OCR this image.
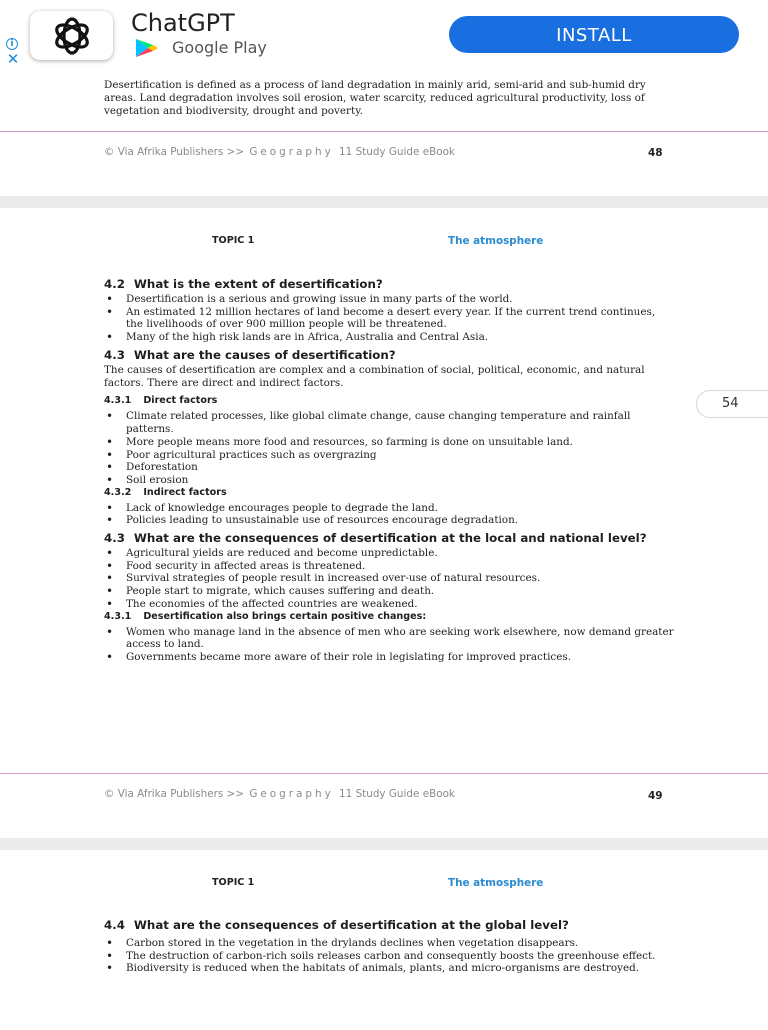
i
✕
ChatGPT
Google Play
INSTALL

Desertification is defined as a process of land degradation in mainly arid, semi-arid and sub-humid dry areas. Land degradation involves soil erosion, water scarcity, reduced agricultural productivity, loss of vegetation and biodiversity, drought and poverty.

© Via Afrika Publishers >> Geography 11 Study Guide eBook	48
TOPIC 1	The atmosphere
4.2 What is the extent of desertification?
• Desertification is a serious and growing issue in many parts of the world.
• An estimated 12 million hectares of land become a desert every year. If the current trend continues, the livelihoods of over 900 million people will be threatened.
• Many of the high risk lands are in Africa, Australia and Central Asia.
4.3 What are the causes of desertification?

The causes of desertification are complex and a combination of social, political, economic, and natural factors. There are direct and indirect factors.

4.3.1 Direct factors
• Climate related processes, like global climate change, cause changing temperature and rainfall patterns.
• More people means more food and resources, so farming is done on unsuitable land.
• Poor agricultural practices such as overgrazing
• Deforestation
• Soil erosion
4.3.2 Indirect factors
• Lack of knowledge encourages people to degrade the land.
• Policies leading to unsustainable use of resources encourage degradation.
4.3 What are the consequences of desertification at the local and national level?
• Agricultural yields are reduced and become unpredictable.
• Food security in affected areas is threatened.
• Survival strategies of people result in increased over-use of natural resources.
• People start to migrate, which causes suffering and death.
• The economies of the affected countries are weakened.
4.3.1 Desertification also brings certain positive changes:
• Women who manage land in the absence of men who are seeking work elsewhere, now demand greater access to land.
• Governments became more aware of their role in legislating for improved practices.
© Via Afrika Publishers >> Geography 11 Study Guide eBook	49
TOPIC 1	The atmosphere
4.4 What are the consequences of desertification at the global level?
• Carbon stored in the vegetation in the drylands declines when vegetation disappears.
• The destruction of carbon-rich soils releases carbon and consequently boosts the greenhouse effect.
• Biodiversity is reduced when the habitats of animals, plants, and micro-organisms are destroyed.
54
